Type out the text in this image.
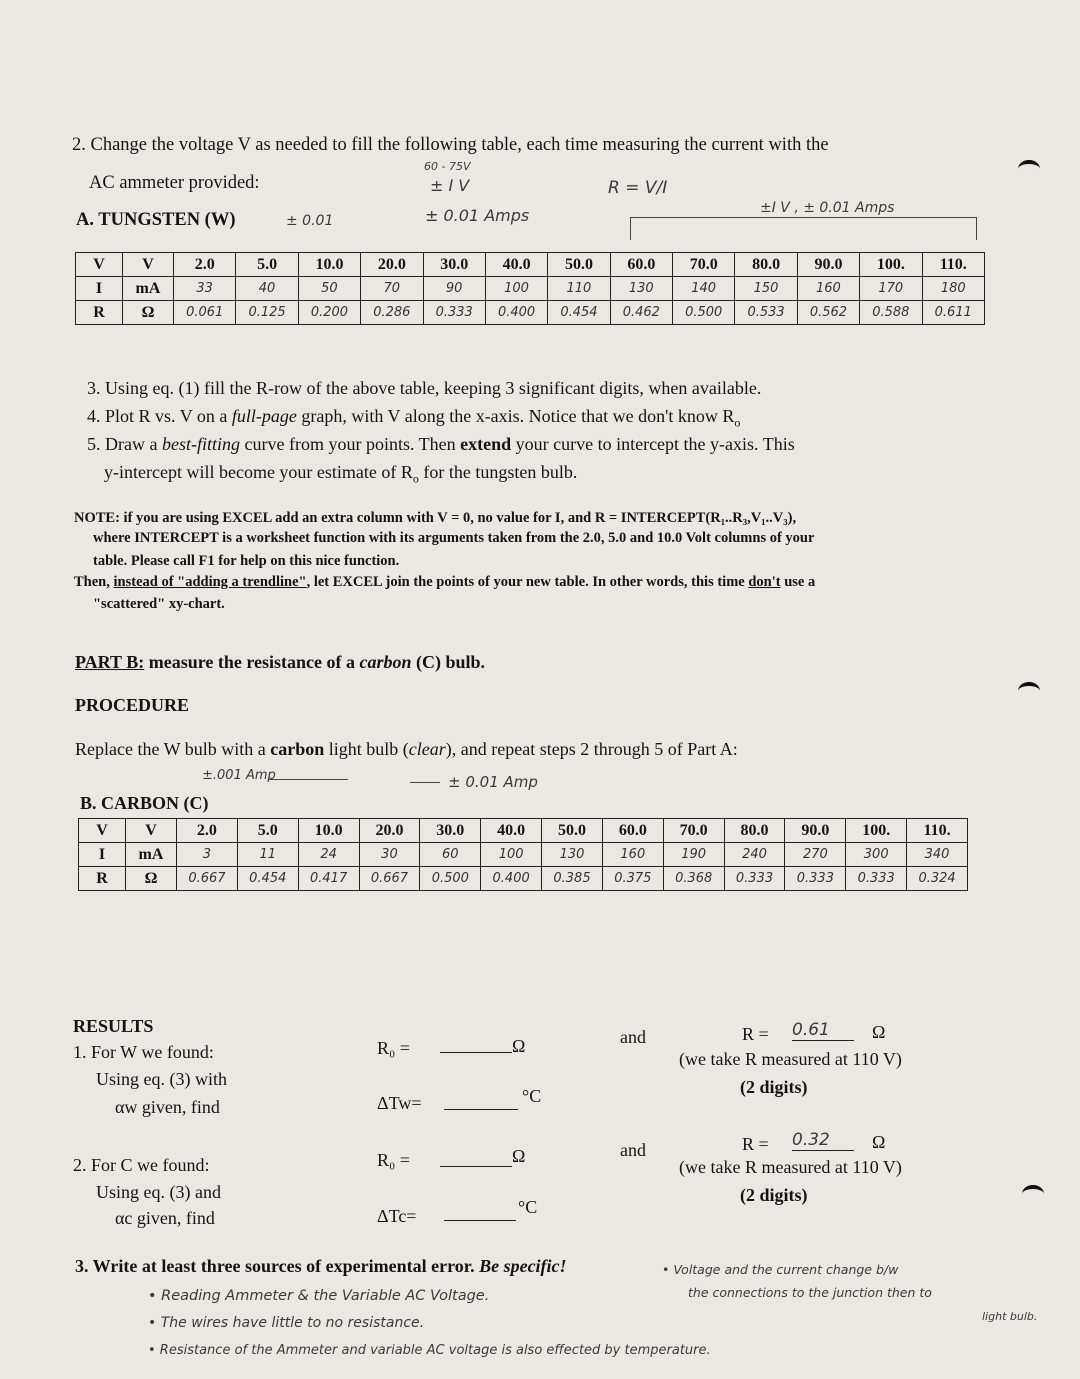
2. Change the voltage V as needed to fill the following table, each time measuring the current with the
AC ammeter provided:
A. TUNGSTEN (W)	± 0.01
60 - 75V
± I V
± 0.01 Amps
R = V/I
±I V , ± 0.01 Amps
V	V	2.0	5.0	10.0	20.0	30.0	40.0	50.0	60.0	70.0	80.0	90.0	100.	110.
I	mA	33	40	50	70	90	100	110	130	140	150	160	170	180
R	Ω	0.061	0.125	0.200	0.286	0.333	0.400	0.454	0.462	0.500	0.533	0.562	0.588	0.611
3. Using eq. (1) fill the R-row of the above table, keeping 3 significant digits, when available.
4. Plot R vs. V on a full-page graph, with V along the x-axis. Notice that we don't know $R_o$
5. Draw a best-fitting curve from your points. Then extend your curve to intercept the y-axis. This
y-intercept will become your estimate of $R_o$ for the tungsten bulb.
NOTE: if you are using EXCEL add an extra column with V = 0, no value for I, and R = INTERCEPT(R₁..R₃,V₁..V₃),
where INTERCEPT is a worksheet function with its arguments taken from the 2.0, 5.0 and 10.0 Volt columns of your
table. Please call F1 for help on this nice function.
Then, instead of "adding a trendline", let EXCEL join the points of your new table. In other words, this time don't use a
"scattered" xy-chart.
PART B: measure the resistance of a carbon (C) bulb.
PROCEDURE
Replace the W bulb with a carbon light bulb (clear), and repeat steps 2 through 5 of Part A:
±.001 Amp	± 0.01 Amp
B. CARBON (C)
V	V	2.0	5.0	10.0	20.0	30.0	40.0	50.0	60.0	70.0	80.0	90.0	100.	110.
I	mA	3	11	24	30	60	100	130	160	190	240	270	300	340
R	Ω	0.667	0.454	0.417	0.667	0.500	0.400	0.385	0.375	0.368	0.333	0.333	0.333	0.324
RESULTS
1. For W we found:
Using eq. (3) with
αw given, find
R₀ =	Ω
ΔTw=	°C
and	R = 0.61	Ω
(we take R measured at 110 V)
(2 digits)
2. For C we found:
Using eq. (3) and
αc given, find
R₀ =	Ω
ΔTc=	°C
and	R = 0.32	Ω
(we take R measured at 110 V)
(2 digits)
3. Write at least three sources of experimental error. Be specific!
• Reading Ammeter & the Variable AC Voltage.
• The wires have little to no resistance.
• Resistance of the Ammeter and variable AC voltage is also effected by temperature.
• Voltage and the current change b/w
the connections to the junction then to
light bulb.
